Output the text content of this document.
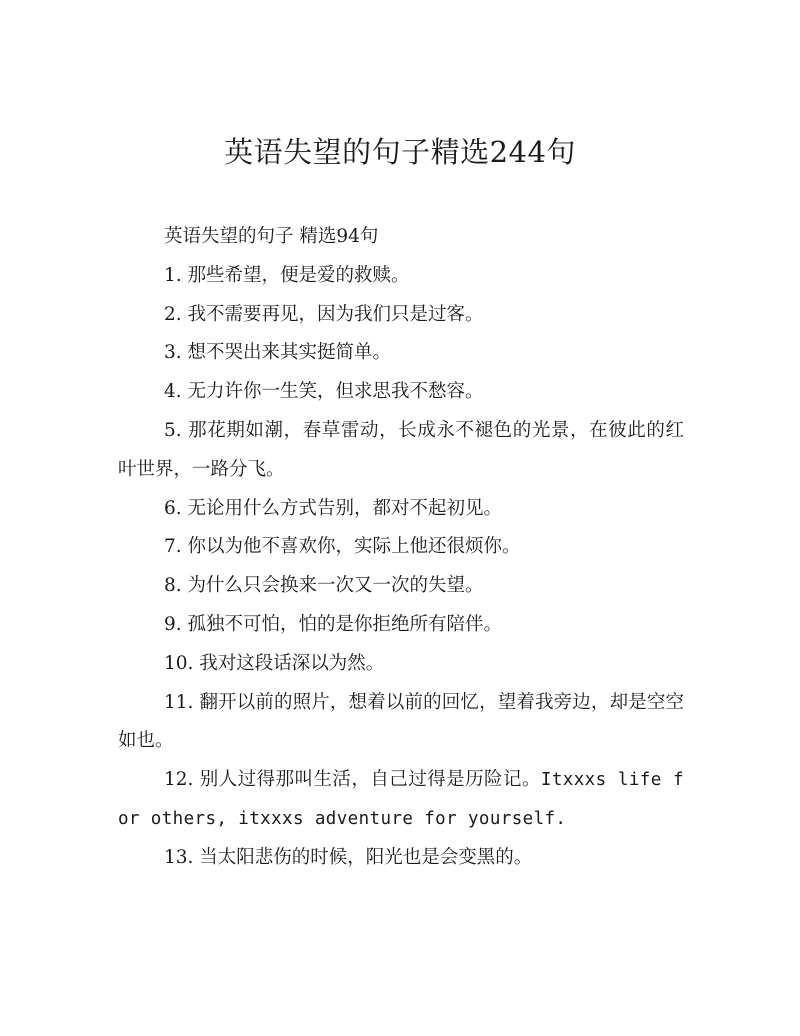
英语失望的句子精选244句

英语失望的句子 精选94句

1. 那些希望，便是爱的救赎。

2. 我不需要再见，因为我们只是过客。

3. 想不哭出来其实挺简单。

4. 无力许你一生笑，但求思我不愁容。

5. 那花期如潮，春草雷动，长成永不褪色的光景，在彼此的红叶世界，一路分飞。

6. 无论用什么方式告别，都对不起初见。

7. 你以为他不喜欢你，实际上他还很烦你。

8. 为什么只会换来一次又一次的失望。

9. 孤独不可怕，怕的是你拒绝所有陪伴。

10. 我对这段话深以为然。

11. 翻开以前的照片，想着以前的回忆，望着我旁边，却是空空如也。

12. 别人过得那叫生活，自己过得是历险记。Itxxxs life for others, itxxxs adventure for yourself.

13. 当太阳悲伤的时候，阳光也是会变黑的。
